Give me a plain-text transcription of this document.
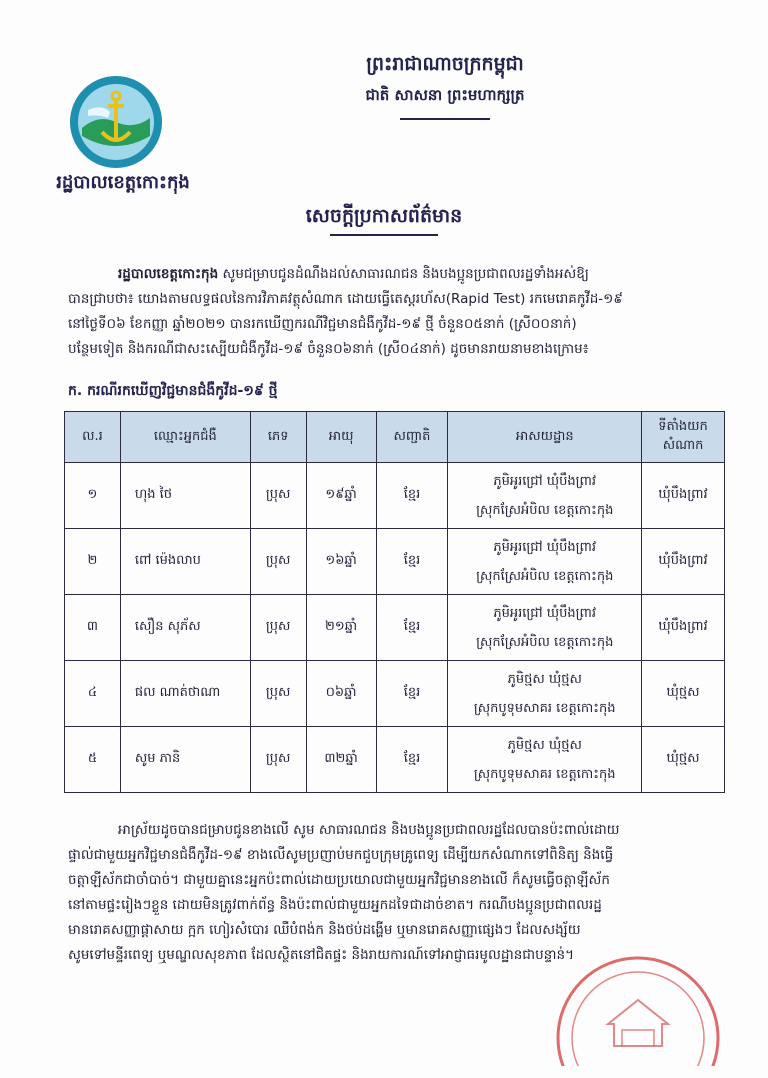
រដ្ឋបាលខេត្តកោះកុង
ព្រះរាជាណាចក្រកម្ពុជា
ជាតិ សាសនា ព្រះមហាក្សត្រ
សេចក្តីប្រកាសព័ត៌មាន

រដ្ឋបាលខេត្តកោះកុង សូមជម្រាបជូនដំណឹងដល់សាធារណជន និងបងប្អូនប្រជាពលរដ្ឋទាំងអស់ឱ្យ

បានជ្រាបថា៖ យោងតាមលទ្ធផលនៃការវិភាគវត្ថុសំណាក ដោយធ្វើតេស្តរហ័ស(Rapid Test) រកមេរោគកូវីដ-១៩

នៅថ្ងៃទី០៦ ខែកញ្ញា ឆ្នាំ២០២១ បានរកឃើញករណីវិជ្ជមានជំងឺកូវីដ-១៩ ថ្មី ចំនួន០៥នាក់ (ស្រី០០នាក់)

បន្ថែមទៀត និងករណីជាសះស្បើយជំងឺកូវីដ-១៩ ចំនួន០៦នាក់ (ស្រី០៤នាក់) ដូចមានរាយនាមខាងក្រោម៖

ក. ករណីរកឃើញវិជ្ជមានជំងឺកូវីដ-១៩ ថ្មី
ល.រ	ឈ្មោះអ្នកជំងឺ	ភេទ	អាយុ	សញ្ជាតិ	អាសយដ្ឋាន	ទីតាំងយក
សំណាក
១	ហុង ថៃ	ប្រុស	១៩ឆ្នាំ	ខ្មែរ	ភូមិអូរជ្រៅ ឃុំបឹងព្រាវ
ស្រុកស្រែអំបិល ខេត្តកោះកុង	ឃុំបឹងព្រាវ
២	ពៅ ម៉េងលាប	ប្រុស	១៦ឆ្នាំ	ខ្មែរ	ភូមិអូរជ្រៅ ឃុំបឹងព្រាវ
ស្រុកស្រែអំបិល ខេត្តកោះកុង	ឃុំបឹងព្រាវ
៣	សឿន សុភ័ស	ប្រុស	២១ឆ្នាំ	ខ្មែរ	ភូមិអូរជ្រៅ ឃុំបឹងព្រាវ
ស្រុកស្រែអំបិល ខេត្តកោះកុង	ឃុំបឹងព្រាវ
៤	ផល ណាត់ថាណា	ប្រុស	០៦ឆ្នាំ	ខ្មែរ	ភូមិថ្មស ឃុំថ្មស
ស្រុកបូទុមសាគរ ខេត្តកោះកុង	ឃុំថ្មស
៥	សូម ភានិ	ប្រុស	៣២ឆ្នាំ	ខ្មែរ	ភូមិថ្មស ឃុំថ្មស
ស្រុកបូទុមសាគរ ខេត្តកោះកុង	ឃុំថ្មស

អាស្រ័យដូចបានជម្រាបជូនខាងលើ សូម សាធារណជន និងបងប្អូនប្រជាពលរដ្ឋដែលបានប៉ះពាល់ដោយ

ផ្ទាល់ជាមួយអ្នកវិជ្ជមានជំងឺកូវីដ-១៩ ខាងលើសូមប្រញាប់មកជួបក្រុមគ្រូពេទ្យ ដើម្បីយកសំណាកទៅពិនិត្យ និងធ្វើ

ចត្តាឡីស័កជាចាំបាច់។ ជាមួយគ្នានេះអ្នកប៉ះពាល់ដោយប្រយោលជាមួយអ្នកវិជ្ជមានខាងលើ ក៏សូមធ្វើចត្តាឡីស័ក

នៅតាមផ្ទះរៀងៗខ្លួន ដោយមិនត្រូវពាក់ព័ន្ធ និងប៉ះពាល់ជាមួយអ្នកដទៃជាដាច់ខាត។ ករណីបងប្អូនប្រជាពលរដ្ឋ

មានរោគសញ្ញាផ្តាសាយ ក្អក ហៀរសំបោរ ឈឺបំពង់ក និងថប់ដង្ហើម ឬមានរោគសញ្ញាផ្សេងៗ ដែលសង្ស័យ

សូមទៅមន្ទីរពេទ្យ ឬមណ្ឌលសុខភាព ដែលស្ថិតនៅជិតផ្ទះ និងរាយការណ៍ទៅអាជ្ញាធរមូលដ្ឋានជាបន្ទាន់។
